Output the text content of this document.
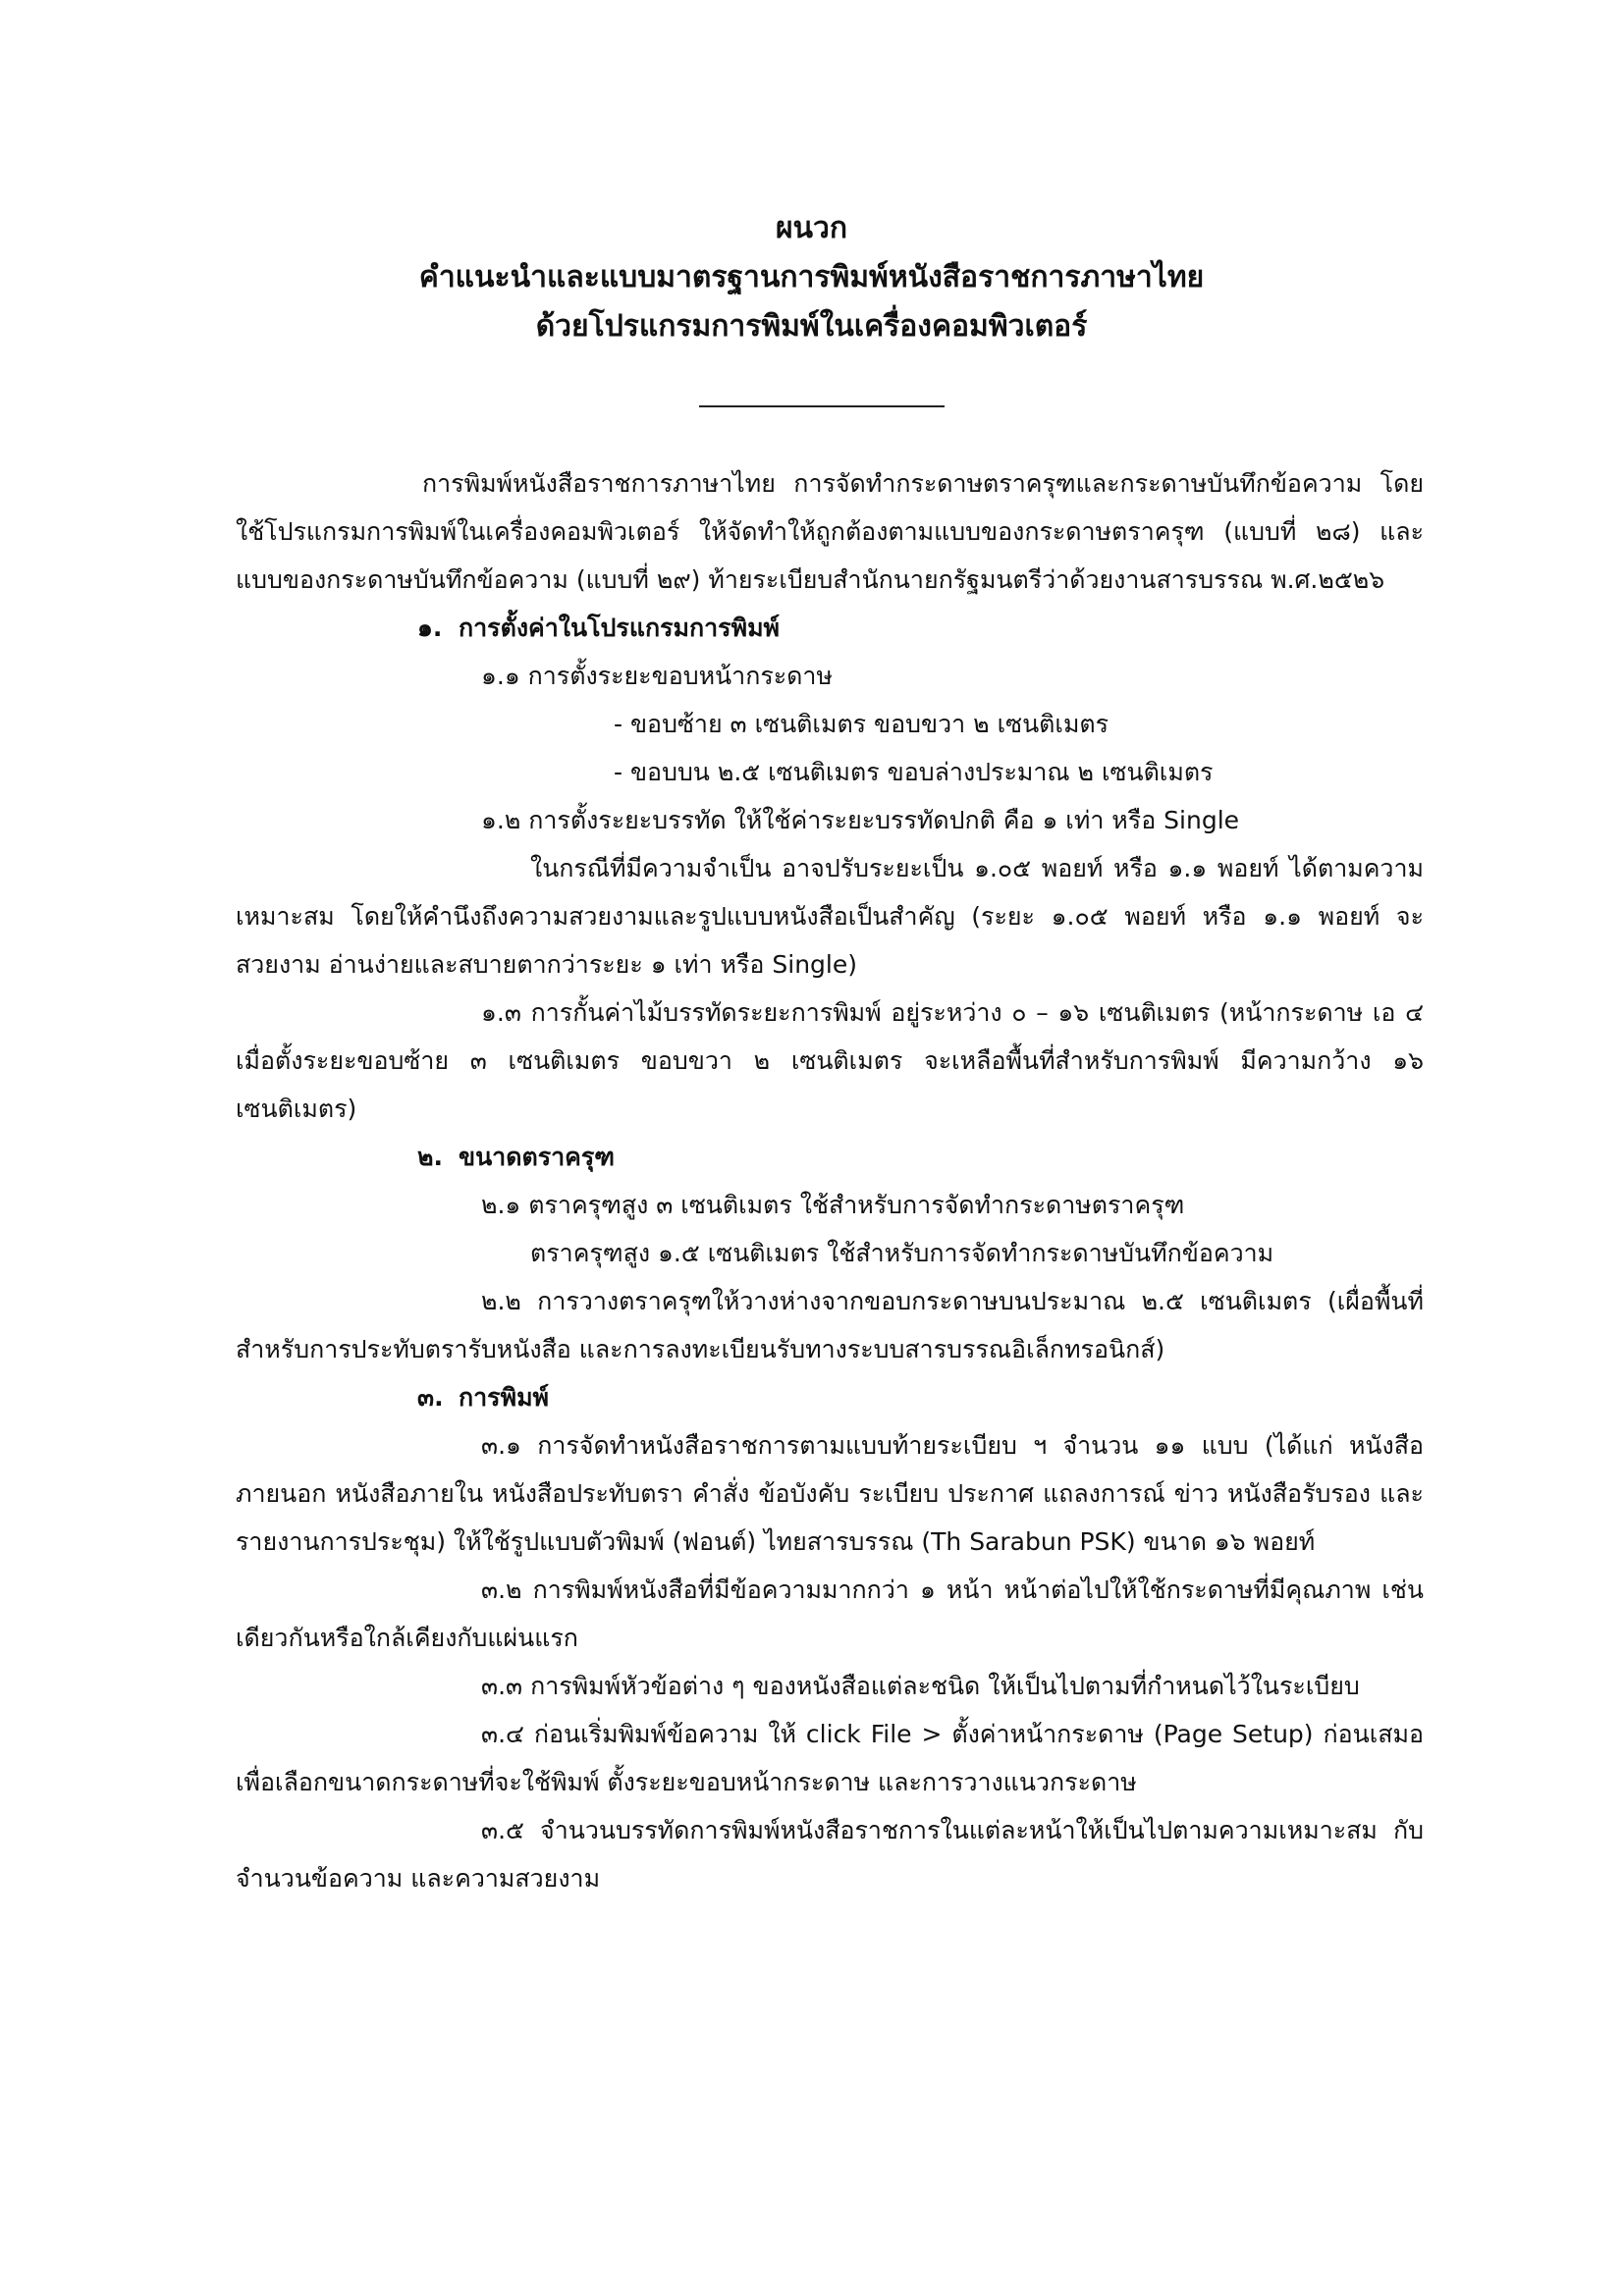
ผนวก
คำแนะนำและแบบมาตรฐานการพิมพ์หนังสือราชการภาษาไทย
ด้วยโปรแกรมการพิมพ์ในเครื่องคอมพิวเตอร์

การพิมพ์หนังสือราชการภาษาไทย การจัดทำกระดาษตราครุฑและกระดาษบันทึกข้อความ โดยใช้โปรแกรมการพิมพ์ในเครื่องคอมพิวเตอร์ ให้จัดทำให้ถูกต้องตามแบบของกระดาษตราครุฑ (แบบที่ ๒๘) และแบบของกระดาษบันทึกข้อความ (แบบที่ ๒๙) ท้ายระเบียบสำนักนายกรัฐมนตรีว่าด้วยงานสารบรรณ พ.ศ.๒๕๒๖

๑. การตั้งค่าในโปรแกรมการพิมพ์

๑.๑ การตั้งระยะขอบหน้ากระดาษ

- ขอบซ้าย ๓ เซนติเมตร ขอบขวา ๒ เซนติเมตร

- ขอบบน ๒.๕ เซนติเมตร ขอบล่างประมาณ ๒ เซนติเมตร

๑.๒ การตั้งระยะบรรทัด ให้ใช้ค่าระยะบรรทัดปกติ คือ ๑ เท่า หรือ Single

ในกรณีที่มีความจำเป็น อาจปรับระยะเป็น ๑.๐๕ พอยท์ หรือ ๑.๑ พอยท์ ได้ตามความเหมาะสม โดยให้คำนึงถึงความสวยงามและรูปแบบหนังสือเป็นสำคัญ (ระยะ ๑.๐๕ พอยท์ หรือ ๑.๑ พอยท์ จะสวยงาม อ่านง่ายและสบายตากว่าระยะ ๑ เท่า หรือ Single)

๑.๓ การกั้นค่าไม้บรรทัดระยะการพิมพ์ อยู่ระหว่าง ๐ – ๑๖ เซนติเมตร (หน้ากระดาษ เอ ๔ เมื่อตั้งระยะขอบซ้าย ๓ เซนติเมตร ขอบขวา ๒ เซนติเมตร จะเหลือพื้นที่สำหรับการพิมพ์ มีความกว้าง ๑๖ เซนติเมตร)

๒. ขนาดตราครุฑ

๒.๑ ตราครุฑสูง ๓ เซนติเมตร ใช้สำหรับการจัดทำกระดาษตราครุฑ

ตราครุฑสูง ๑.๕ เซนติเมตร ใช้สำหรับการจัดทำกระดาษบันทึกข้อความ

๒.๒ การวางตราครุฑให้วางห่างจากขอบกระดาษบนประมาณ ๒.๕ เซนติเมตร (เผื่อพื้นที่สำหรับการประทับตรารับหนังสือ และการลงทะเบียนรับทางระบบสารบรรณอิเล็กทรอนิกส์)

๓. การพิมพ์

๓.๑ การจัดทำหนังสือราชการตามแบบท้ายระเบียบ ฯ จำนวน ๑๑ แบบ (ได้แก่ หนังสือภายนอก หนังสือภายใน หนังสือประทับตรา คำสั่ง ข้อบังคับ ระเบียบ ประกาศ แถลงการณ์ ข่าว หนังสือรับรอง และรายงานการประชุม) ให้ใช้รูปแบบตัวพิมพ์ (ฟอนต์) ไทยสารบรรณ (Th Sarabun PSK) ขนาด ๑๖ พอยท์

๓.๒ การพิมพ์หนังสือที่มีข้อความมากกว่า ๑ หน้า หน้าต่อไปให้ใช้กระดาษที่มีคุณภาพ เช่นเดียวกันหรือใกล้เคียงกับแผ่นแรก

๓.๓ การพิมพ์หัวข้อต่าง ๆ ของหนังสือแต่ละชนิด ให้เป็นไปตามที่กำหนดไว้ในระเบียบ

๓.๔ ก่อนเริ่มพิมพ์ข้อความ ให้ click File > ตั้งค่าหน้ากระดาษ (Page Setup) ก่อนเสมอ เพื่อเลือกขนาดกระดาษที่จะใช้พิมพ์ ตั้งระยะขอบหน้ากระดาษ และการวางแนวกระดาษ

๓.๕ จำนวนบรรทัดการพิมพ์หนังสือราชการในแต่ละหน้าให้เป็นไปตามความเหมาะสม กับจำนวนข้อความ และความสวยงาม
